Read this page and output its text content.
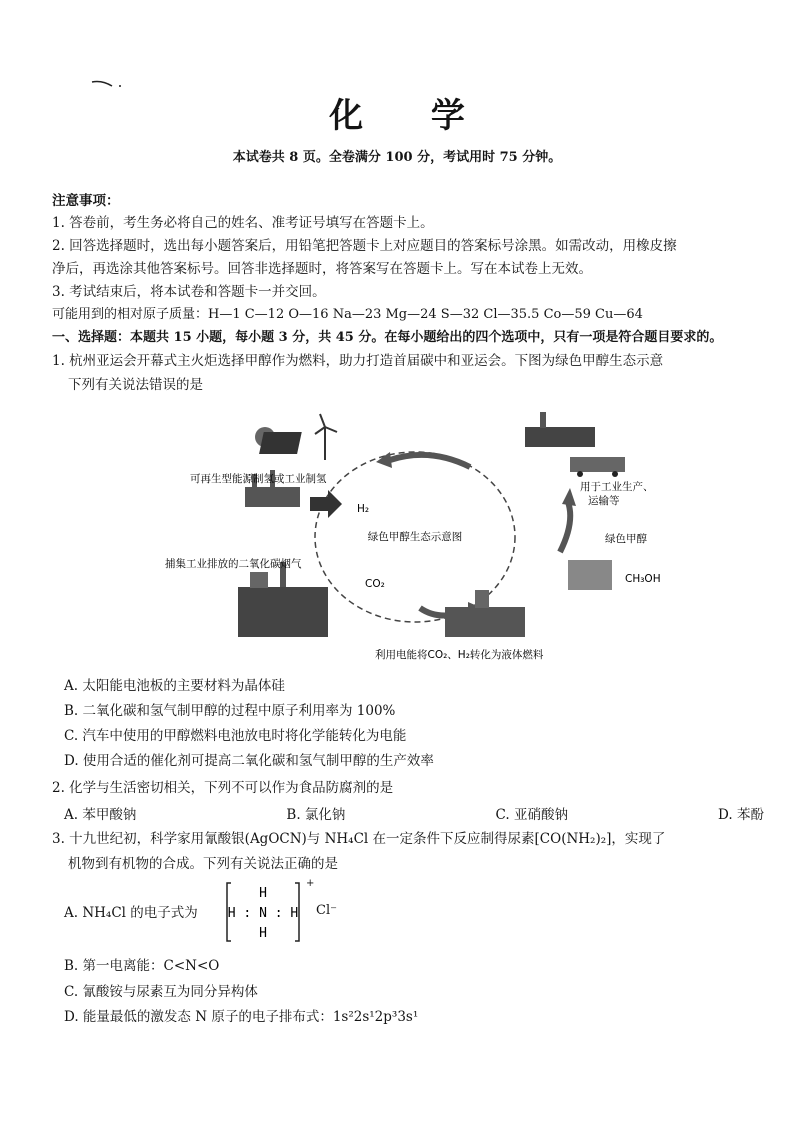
化 学
本试卷共 8 页。全卷满分 100 分，考试用时 75 分钟。
注意事项：
1. 答卷前，考生务必将自己的姓名、准考证号填写在答题卡上。
2. 回答选择题时，选出每小题答案后，用铅笔把答题卡上对应题目的答案标号涂黑。如需改动，用橡皮擦
净后，再选涂其他答案标号。回答非选择题时，将答案写在答题卡上。写在本试卷上无效。
3. 考试结束后，将本试卷和答题卡一并交回。
可能用到的相对原子质量：H—1 C—12 O—16 Na—23 Mg—24 S—32 Cl—35.5 Co—59 Cu—64
一、选择题：本题共 15 小题，每小题 3 分，共 45 分。在每小题给出的四个选项中，只有一项是符合题目要求的。
1. 杭州亚运会开幕式主火炬选择甲醇作为燃料，助力打造首届碳中和亚运会。下图为绿色甲醇生态示意
下列有关说法错误的是
绿色甲醇生态示意图
可再生型能源制氢或工业制氢
捕集工业排放的二氧化碳烟气
H₂
CO₂
用于工业生产、
运输等
绿色甲醇
CH₃OH
利用电能将CO₂、H₂转化为液体燃料
A. 太阳能电池板的主要材料为晶体硅
B. 二氧化碳和氢气制甲醇的过程中原子利用率为 100%
C. 汽车中使用的甲醇燃料电池放电时将化学能转化为电能
D. 使用合适的催化剂可提高二氧化碳和氢气制甲醇的生产效率
2. 化学与生活密切相关，下列不可以作为食品防腐剂的是
A. 苯甲酸钠	B. 氯化钠	C. 亚硝酸钠	D. 苯酚
3. 十九世纪初，科学家用氰酸银(AgOCN)与 NH₄Cl 在一定条件下反应制得尿素[CO(NH₂)₂]，实现了
机物到有机物的合成。下列有关说法正确的是
A. NH₄Cl 的电子式为
H
H : N : H
H
+
Cl⁻
B. 第一电离能：C<N<O
C. 氰酸铵与尿素互为同分异构体
D. 能量最低的激发态 N 原子的电子排布式：1s²2s¹2p³3s¹
